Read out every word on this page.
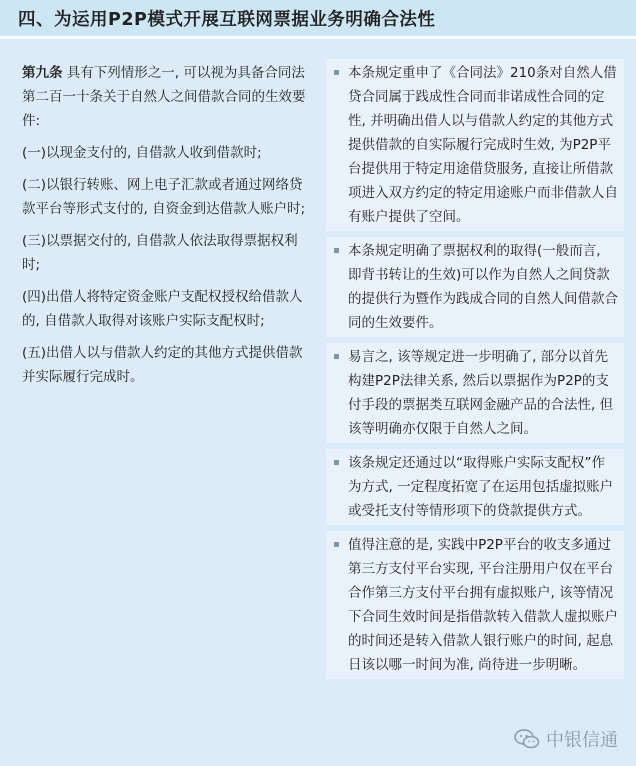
四、为运用P2P模式开展互联网票据业务明确合法性

第九条 具有下列情形之一, 可以视为具备合同法第二百一十条关于自然人之间借款合同的生效要件:

(一)以现金支付的, 自借款人收到借款时;

(二)以银行转账、网上电子汇款或者通过网络贷款平台等形式支付的, 自资金到达借款人账户时;

(三)以票据交付的, 自借款人依法取得票据权利时;

(四)出借人将特定资金账户支配权授权给借款人的, 自借款人取得对该账户实际支配权时;

(五)出借人以与借款人约定的其他方式提供借款并实际履行完成时。

本条规定重申了《合同法》210条对自然人借贷合同属于践成性合同而非诺成性合同的定性, 并明确出借人以与借款人约定的其他方式提供借款的自实际履行完成时生效, 为P2P平台提供用于特定用途借贷服务, 直接让所借款项进入双方约定的特定用途账户而非借款人自有账户提供了空间。
本条规定明确了票据权利的取得(一般而言, 即背书转让的生效)可以作为自然人之间贷款的提供行为暨作为践成合同的自然人间借款合同的生效要件。
易言之, 该等规定进一步明确了, 部分以首先构建P2P法律关系, 然后以票据作为P2P的支付手段的票据类互联网金融产品的合法性, 但该等明确亦仅限于自然人之间。
该条规定还通过以“取得账户实际支配权”作为方式, 一定程度拓宽了在运用包括虚拟账户或受托支付等情形项下的贷款提供方式。
值得注意的是, 实践中P2P平台的收支多通过第三方支付平台实现, 平台注册用户仅在平台合作第三方支付平台拥有虚拟账户, 该等情况下合同生效时间是指借款转入借款人虚拟账户的时间还是转入借款人银行账户的时间, 起息日该以哪一时间为准, 尚待进一步明晰。
中银信通
